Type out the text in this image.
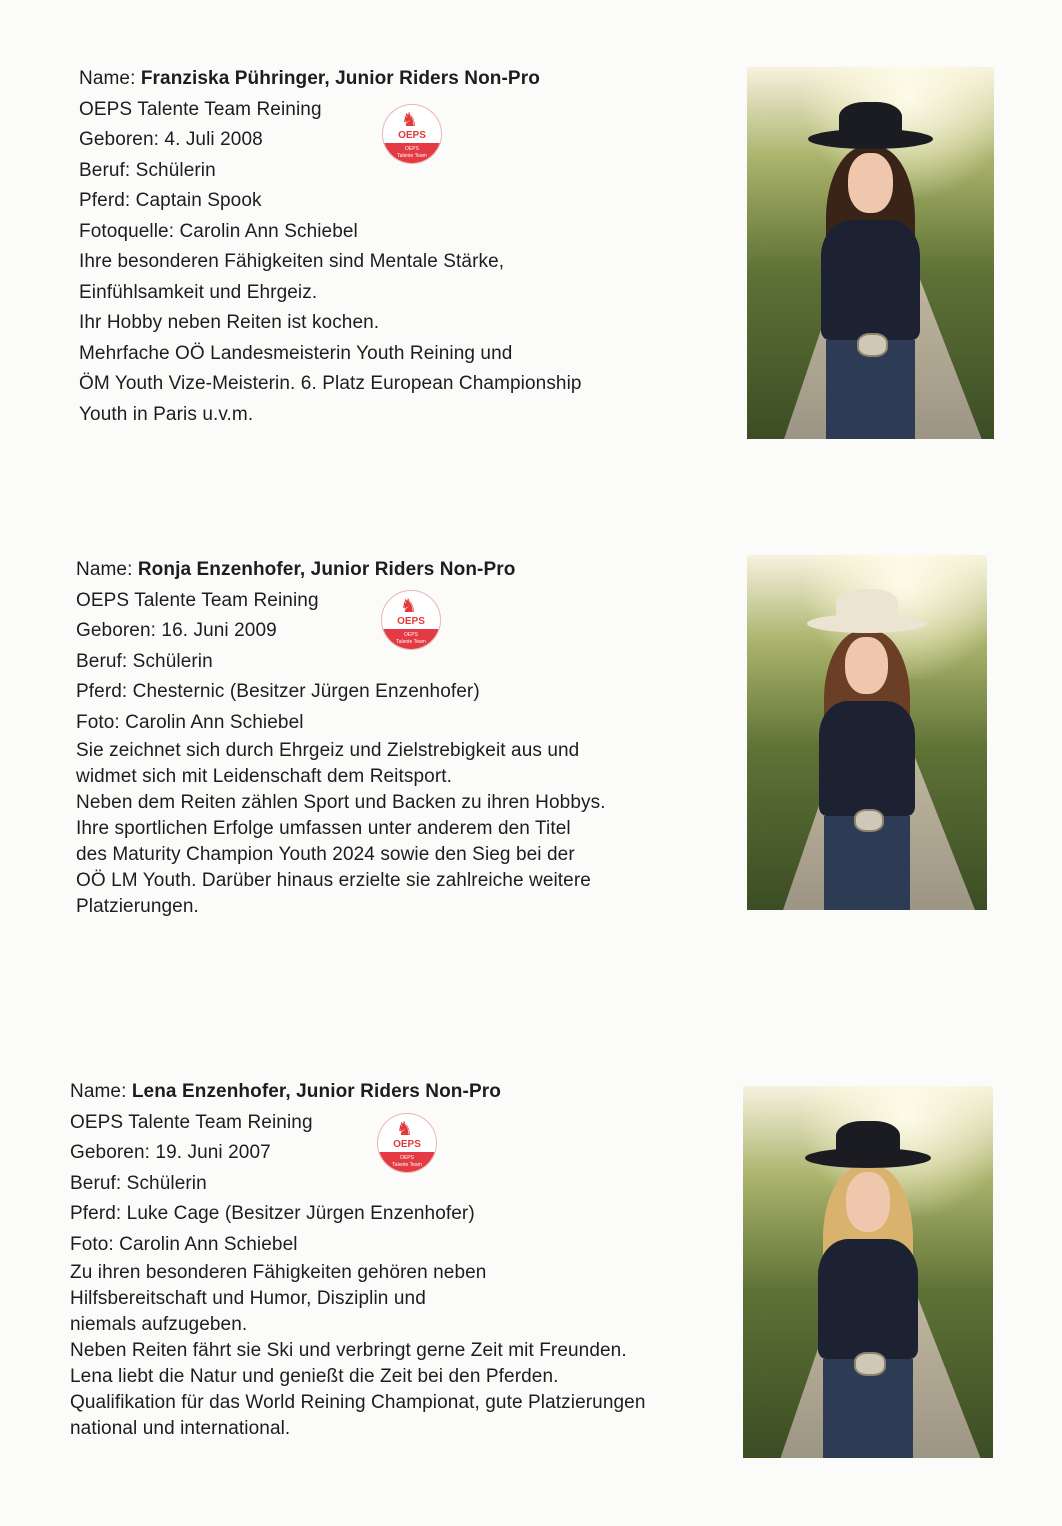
Name: Franziska Pühringer, Junior Riders Non-Pro
OEPS Talente Team Reining
Geboren: 4. Juli 2008
Beruf: Schülerin
Pferd: Captain Spook
Fotoquelle: Carolin Ann Schiebel
Ihre besonderen Fähigkeiten sind Mentale Stärke,
Einfühlsamkeit und Ehrgeiz.
Ihr Hobby neben Reiten ist kochen.
Mehrfache OÖ Landesmeisterin Youth Reining und
ÖM Youth Vize-Meisterin. 6. Platz European Championship
Youth in Paris u.v.m.
♞
OEPS
OEPS
Talente Team
Name: Ronja Enzenhofer, Junior Riders Non-Pro
OEPS Talente Team Reining
Geboren: 16. Juni 2009
Beruf: Schülerin
Pferd: Chesternic (Besitzer Jürgen Enzenhofer)
Foto: Carolin Ann Schiebel
Sie zeichnet sich durch Ehrgeiz und Zielstrebigkeit aus und
widmet sich mit Leidenschaft dem Reitsport.
Neben dem Reiten zählen Sport und Backen zu ihren Hobbys.
Ihre sportlichen Erfolge umfassen unter anderem den Titel
des Maturity Champion Youth 2024 sowie den Sieg bei der
OÖ LM Youth. Darüber hinaus erzielte sie zahlreiche weitere
Platzierungen.
♞
OEPS
OEPS
Talente Team
Name: Lena Enzenhofer, Junior Riders Non-Pro
OEPS Talente Team Reining
Geboren: 19. Juni 2007
Beruf: Schülerin
Pferd: Luke Cage (Besitzer Jürgen Enzenhofer)
Foto: Carolin Ann Schiebel
Zu ihren besonderen Fähigkeiten gehören neben
Hilfsbereitschaft und Humor, Disziplin und
niemals aufzugeben.
Neben Reiten fährt sie Ski und verbringt gerne Zeit mit Freunden.
Lena liebt die Natur und genießt die Zeit bei den Pferden.
Qualifikation für das World Reining Championat, gute Platzierungen
national und international.
♞
OEPS
OEPS
Talente Team
